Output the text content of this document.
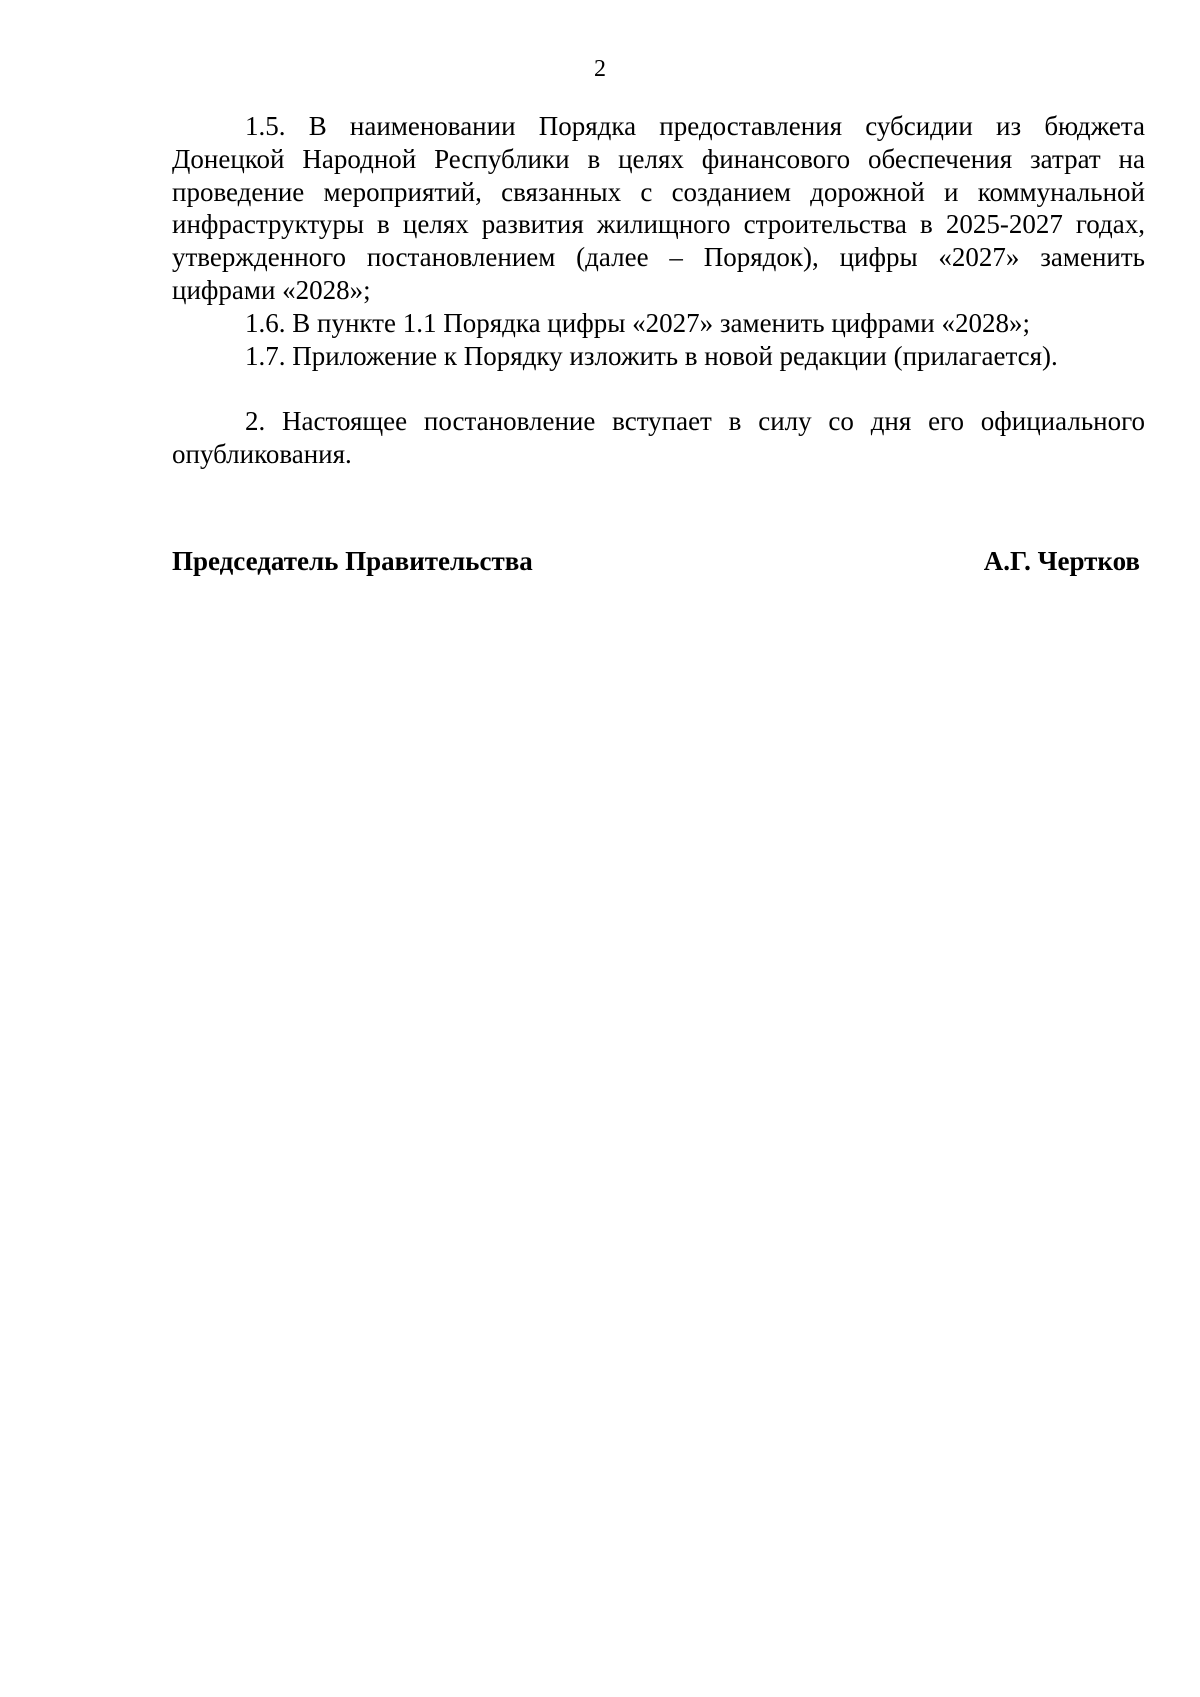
2

1.5. В наименовании Порядка предоставления субсидии из бюджета Донецкой Народной Республики в целях финансового обеспечения затрат на проведение мероприятий, связанных с созданием дорожной и коммунальной инфраструктуры в целях развития жилищного строительства в 2025-2027 годах, утвержденного постановлением (далее – Порядок), цифры «2027» заменить цифрами «2028»;

1.6. В пункте 1.1 Порядка цифры «2027» заменить цифрами «2028»;

1.7. Приложение к Порядку изложить в новой редакции (прилагается).

2. Настоящее постановление вступает в силу со дня его официального опубликования.

Председатель Правительства	А.Г. Чертков
